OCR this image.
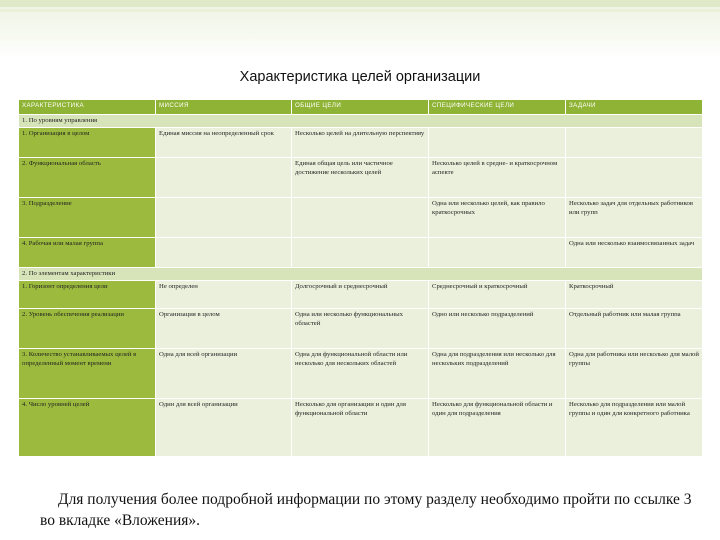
Характеристика целей организации
ХАРАКТЕРИСТИКА	МИССИЯ	ОБЩИЕ ЦЕЛИ	СПЕЦИФИЧЕСКИЕ ЦЕЛИ	ЗАДАЧИ
1. По уровням управления				
1. Организация в целом	Единая миссия на неопределенный срок	Несколько целей на длительную перспективу		
2. Функциональная область		Единая общая цель или частичное достижение нескольких целей	Несколько целей в средне- и краткосрочном аспекте	
3. Подразделение			Одна или несколько целей, как правило краткосрочных	Несколько задач для отдельных работников или групп
4. Рабочая или малая группа				Одна или несколько взаимосвязанных задач
2. По элементам характеристики				
1. Горизонт определения цели	Не определен	Долгосрочный и среднесрочный	Среднесрочный и краткосрочный	Краткосрочный
2. Уровень обеспечения реализации	Организация в целом	Одна или несколько функциональных областей	Одно или несколько подразделений	Отдельный работник или малая группа
3. Количество устанавливаемых целей в определенный момент времени	Одна для всей организации	Одна для функциональной области или несколько для нескольких областей	Одна для подразделения или несколько для нескольких подразделений	Одна для работника или несколько для малой группы
4. Число уровней целей	Один для всей организации	Несколько для организации и один для функциональной области	Несколько для функциональной области и один для подразделения	Несколько для подразделения или малой группы и один для конкретного работника
Для получения более подробной информации по этому разделу необходимо пройти по ссылке 3 во вкладке «Вложения».
